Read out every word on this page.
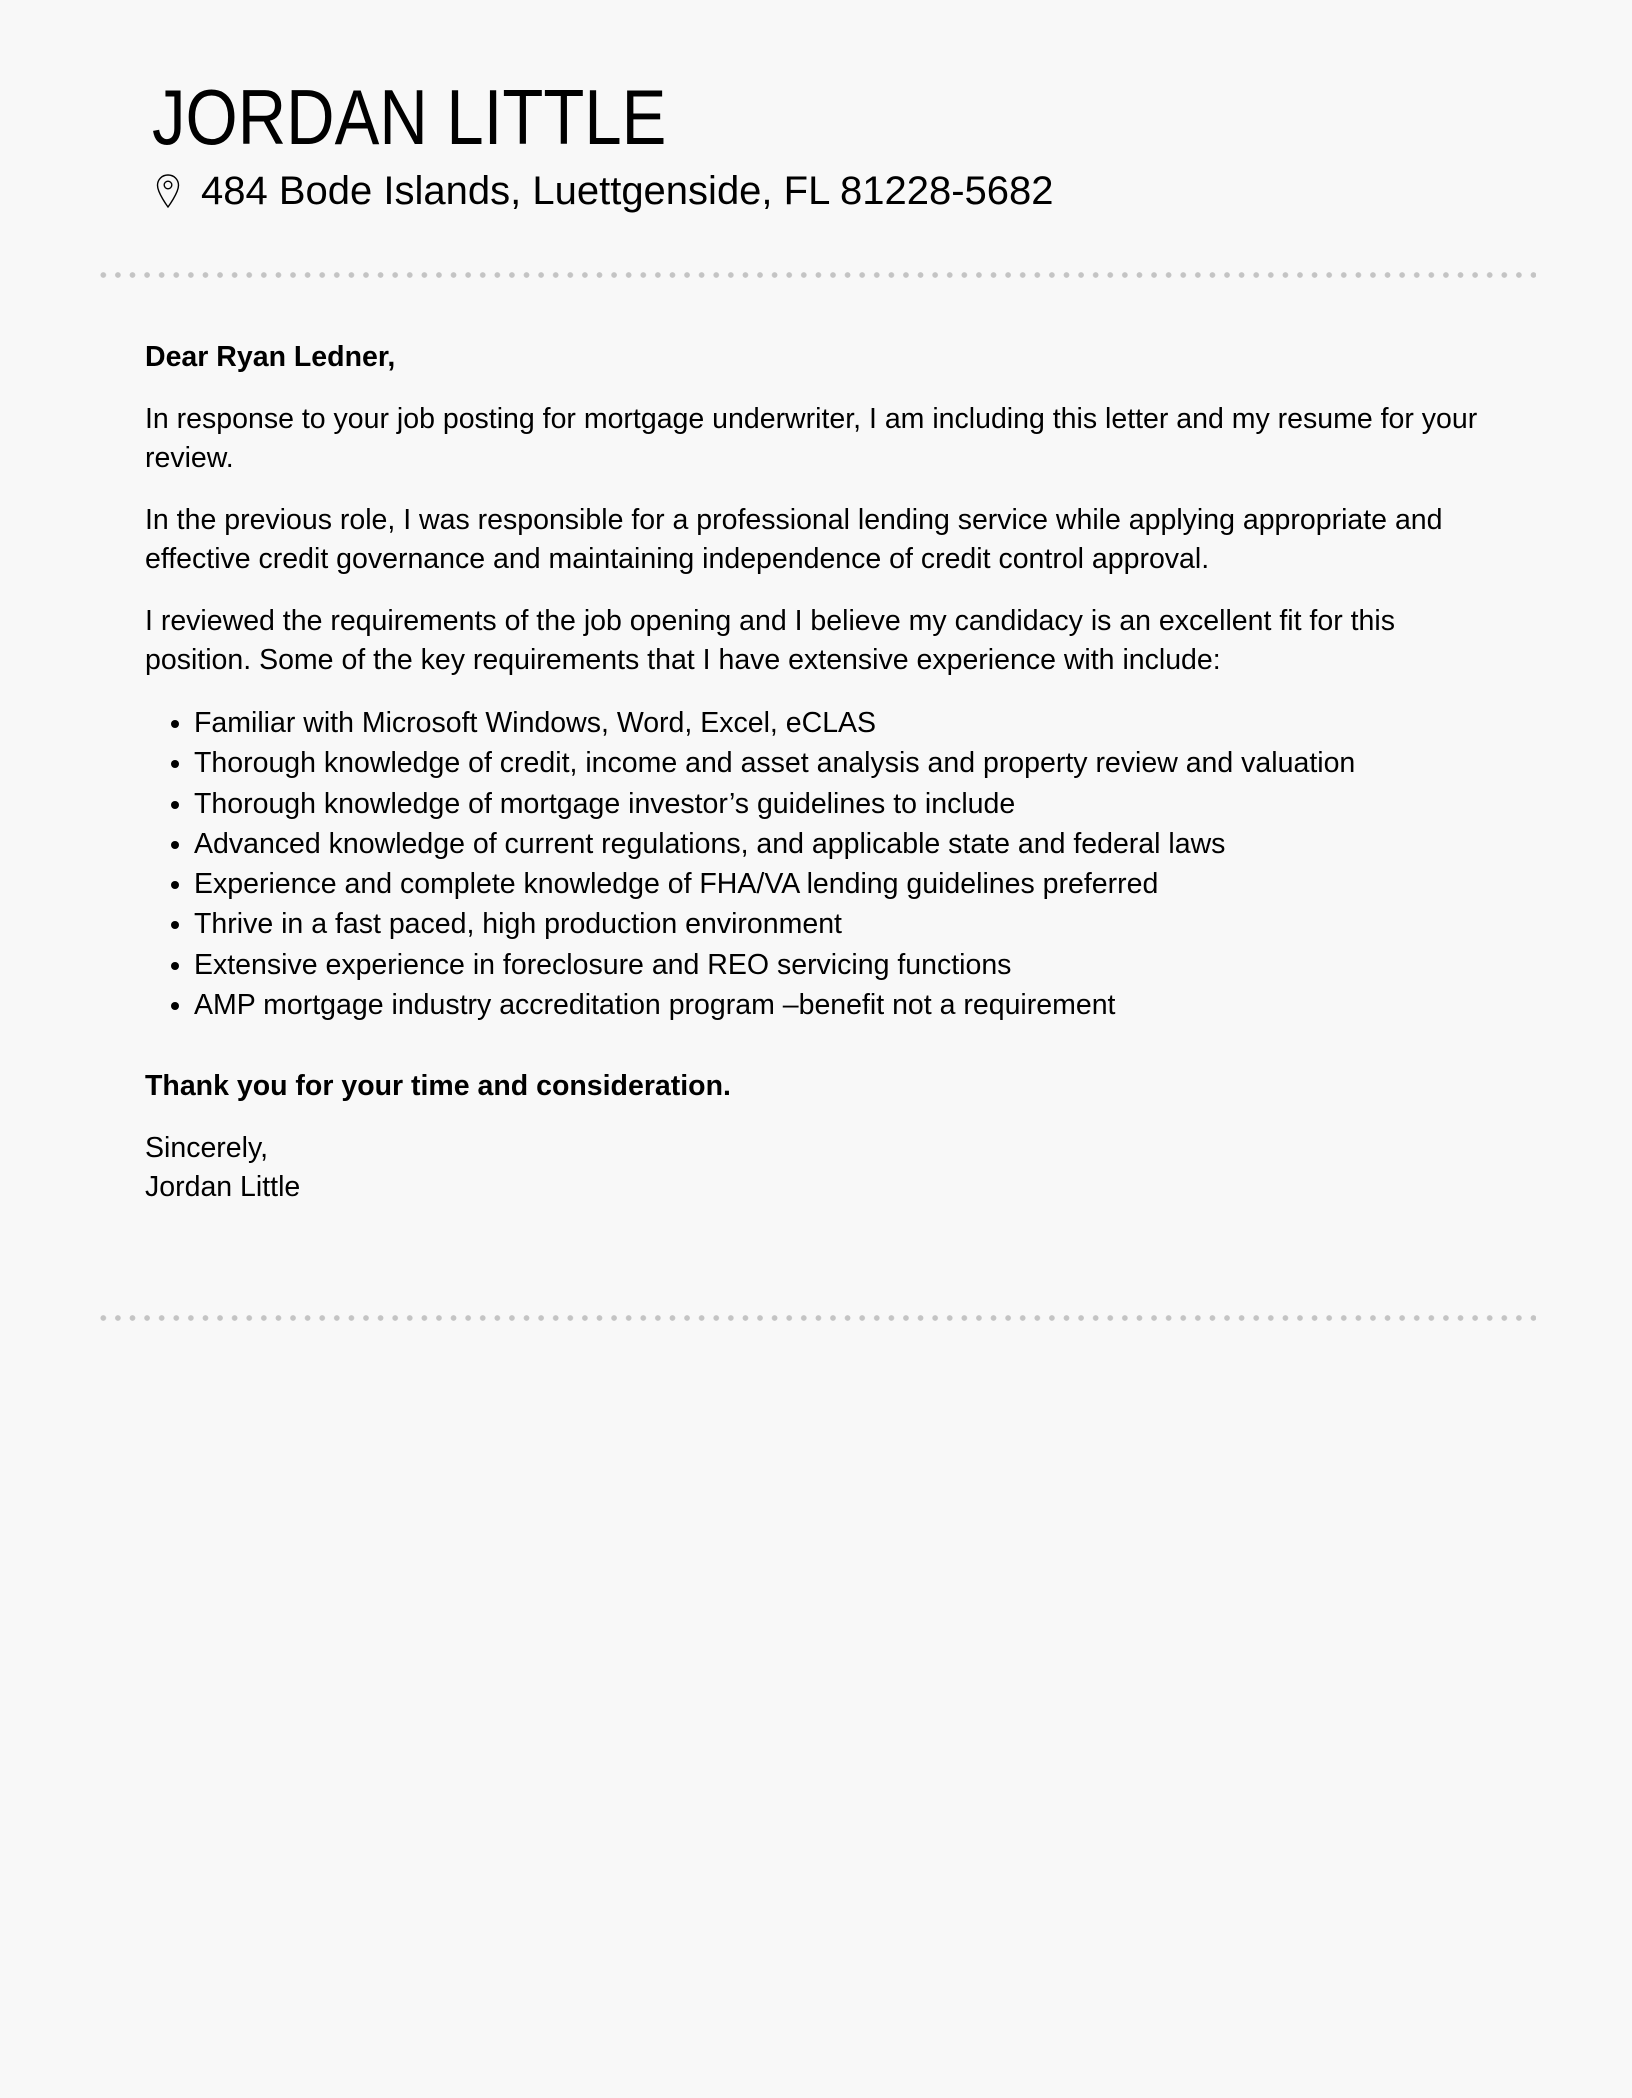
JORDAN LITTLE
484 Bode Islands, Luettgenside, FL 81228-5682

Dear Ryan Ledner,

In response to your job posting for mortgage underwriter, I am including this letter and my resume for your review.

In the previous role, I was responsible for a professional lending service while applying appropriate and effective credit governance and maintaining independence of credit control approval.

I reviewed the requirements of the job opening and I believe my candidacy is an excellent fit for this position. Some of the key requirements that I have extensive experience with include:

• Familiar with Microsoft Windows, Word, Excel, eCLAS
• Thorough knowledge of credit, income and asset analysis and property review and valuation
• Thorough knowledge of mortgage investor’s guidelines to include
• Advanced knowledge of current regulations, and applicable state and federal laws
• Experience and complete knowledge of FHA/VA lending guidelines preferred
• Thrive in a fast paced, high production environment
• Extensive experience in foreclosure and REO servicing functions
• AMP mortgage industry accreditation program –benefit not a requirement

Thank you for your time and consideration.

Sincerely,
Jordan Little
